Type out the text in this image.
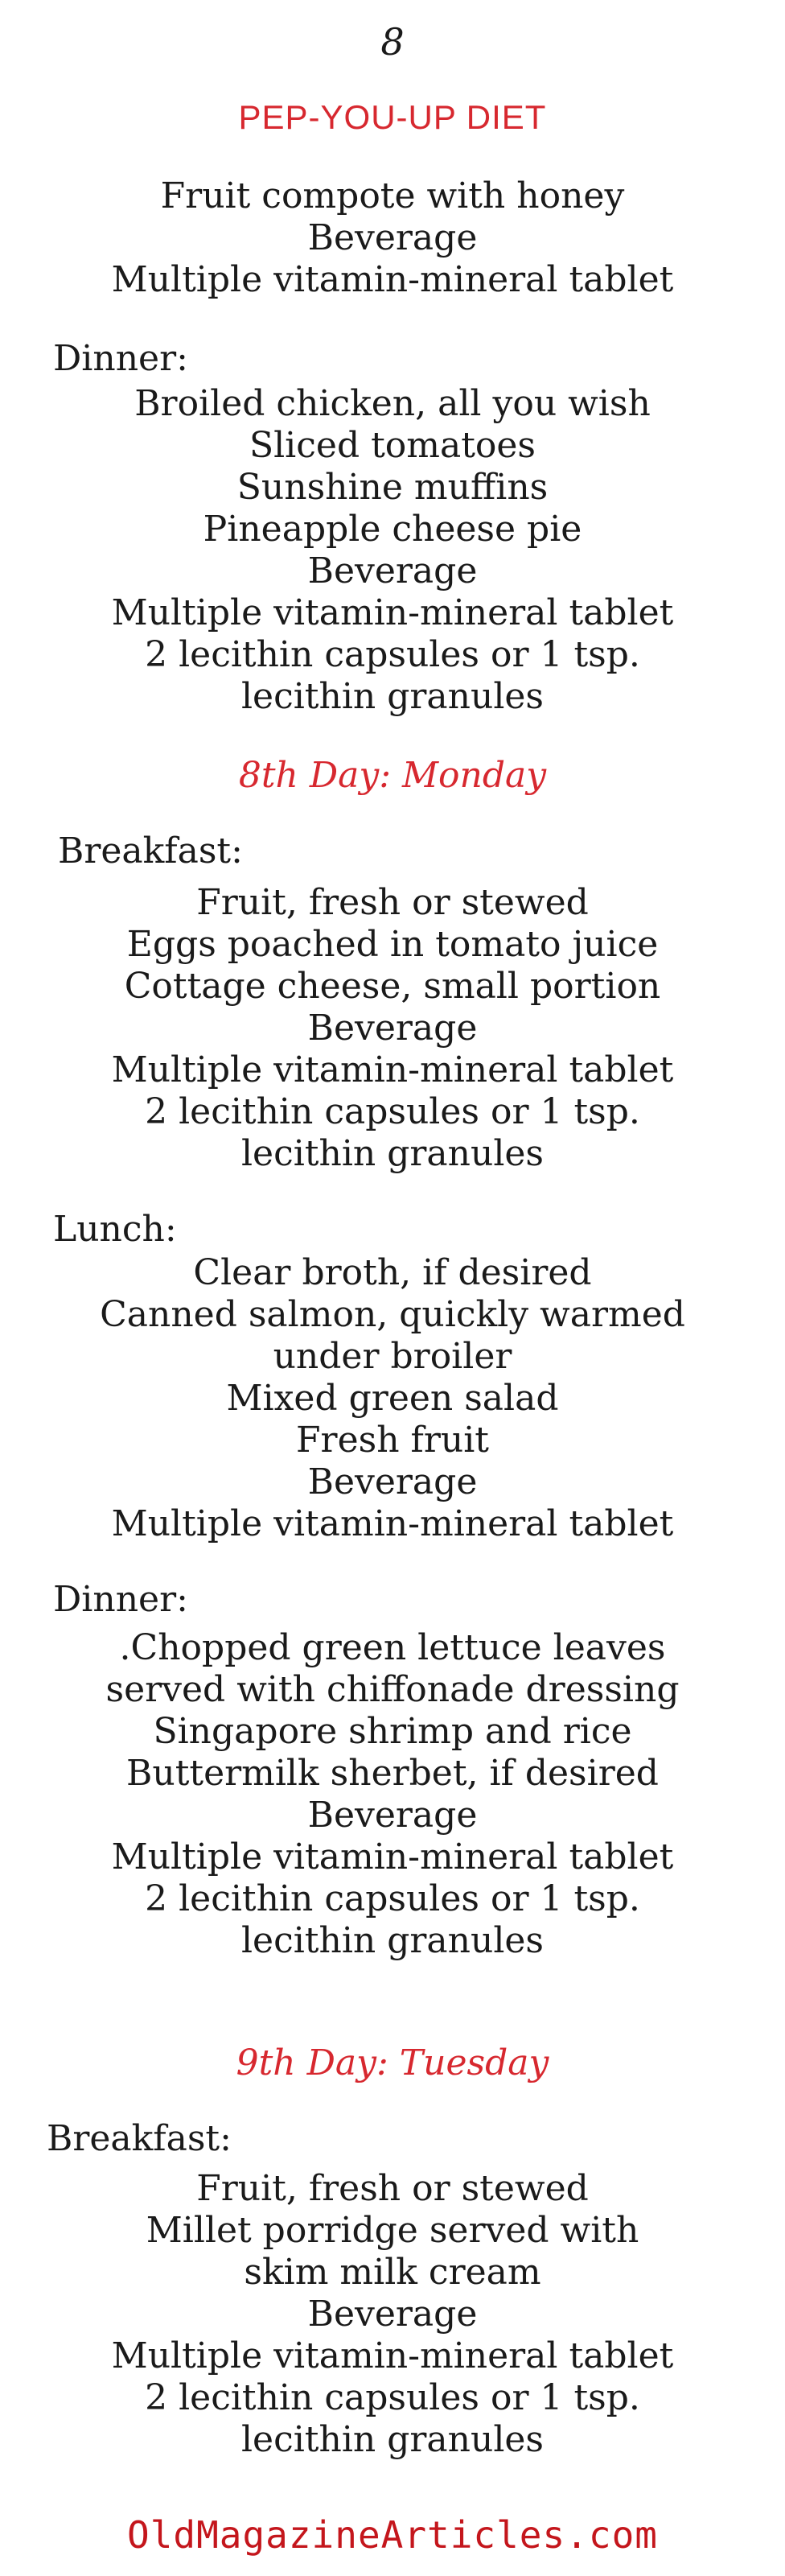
8
PEP-YOU-UP DIET
Fruit compote with honey
Beverage
Multiple vitamin-mineral tablet
Dinner:
Broiled chicken, all you wish
Sliced tomatoes
Sunshine muffins
Pineapple cheese pie
Beverage
Multiple vitamin-mineral tablet
2 lecithin capsules or 1 tsp.
lecithin granules
8th Day: Monday
Breakfast:
Fruit, fresh or stewed
Eggs poached in tomato juice
Cottage cheese, small portion
Beverage
Multiple vitamin-mineral tablet
2 lecithin capsules or 1 tsp.
lecithin granules
Lunch:
Clear broth, if desired
Canned salmon, quickly warmed
under broiler
Mixed green salad
Fresh fruit
Beverage
Multiple vitamin-mineral tablet
Dinner:
.Chopped green lettuce leaves
served with chiffonade dressing
Singapore shrimp and rice
Buttermilk sherbet, if desired
Beverage
Multiple vitamin-mineral tablet
2 lecithin capsules or 1 tsp.
lecithin granules
9th Day: Tuesday
Breakfast:
Fruit, fresh or stewed
Millet porridge served with
skim milk cream
Beverage
Multiple vitamin-mineral tablet
2 lecithin capsules or 1 tsp.
lecithin granules
OldMagazineArticles.com
